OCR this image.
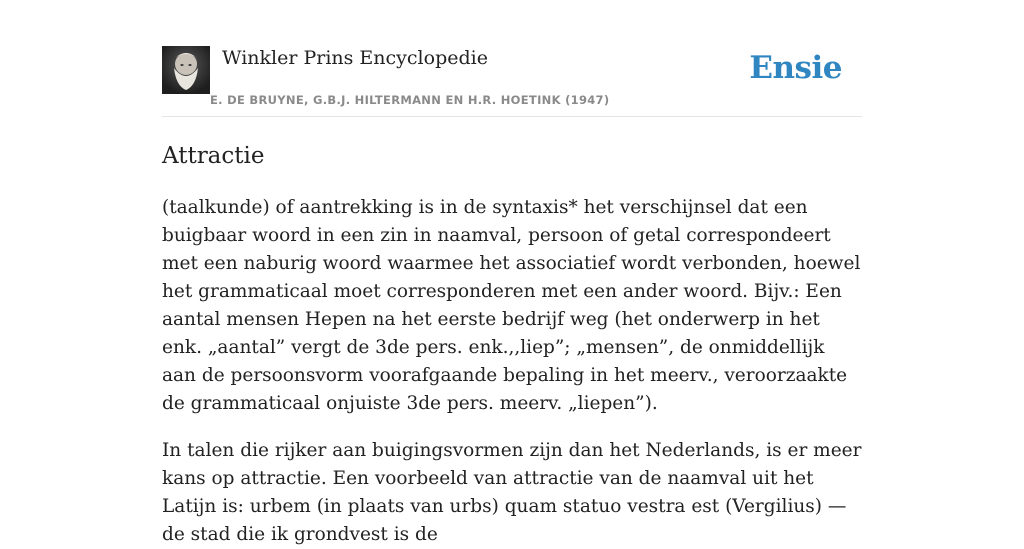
Winkler Prins Encyclopedie
E. DE BRUYNE, G.B.J. HILTERMANN EN H.R. HOETINK (1947)
Ensie
Attractie

(taalkunde) of aantrekking is in de syntaxis* het verschijnsel dat een buigbaar woord in een zin in naamval, persoon of getal correspondeert met een naburig woord waarmee het associatief wordt verbonden, hoewel het grammaticaal moet corresponderen met een ander woord. Bijv.: Een aantal mensen Hepen na het eerste bedrijf weg (het onderwerp in het enk. „aantal” vergt de 3de pers. enk.,,liep”; „mensen”, de onmiddellijk aan de persoonsvorm voorafgaande bepaling in het meerv., veroorzaakte de grammaticaal onjuiste 3de pers. meerv. „liepen”).

In talen die rijker aan buigingsvormen zijn dan het Nederlands, is er meer kans op attractie. Een voorbeeld van attractie van de naamval uit het Latijn is: urbem (in plaats van urbs) quam statuo vestra est (Vergilius) — de stad die ik grondvest is de
